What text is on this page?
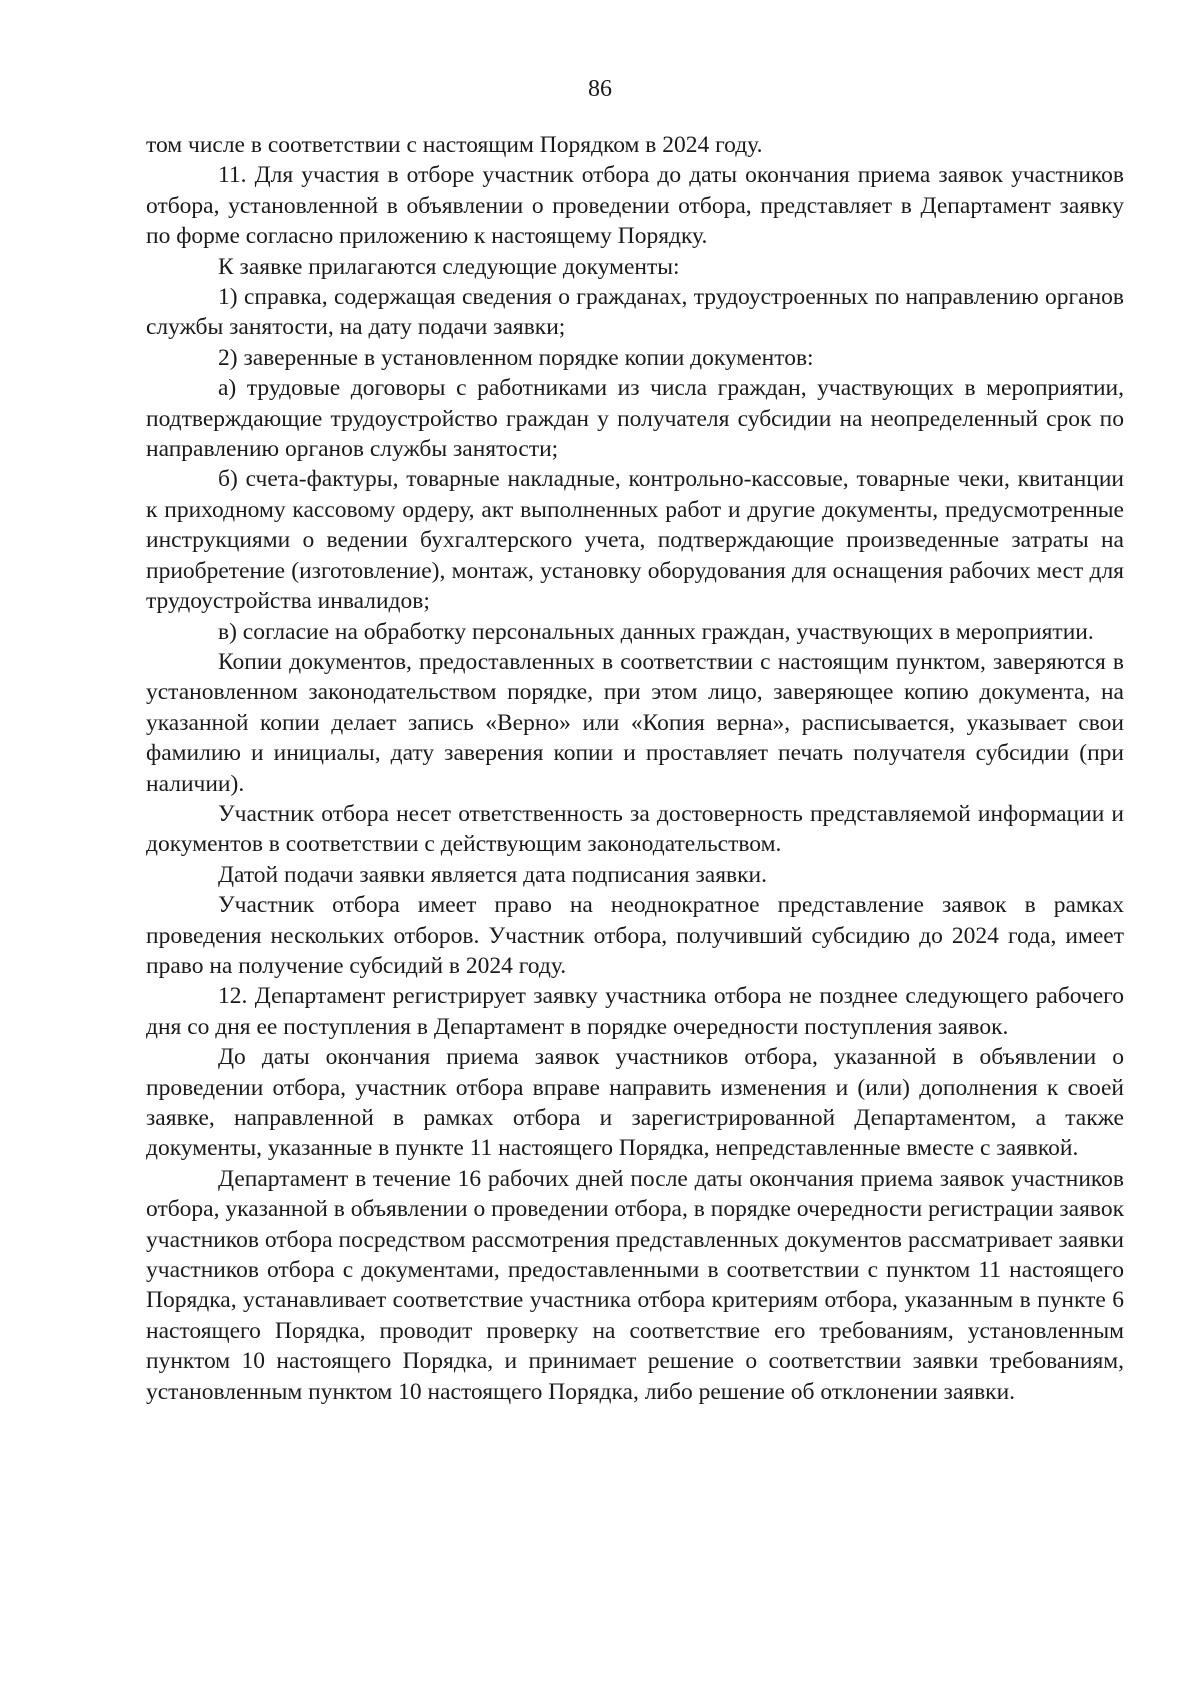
86

том числе в соответствии с настоящим Порядком в 2024 году.

11. Для участия в отборе участник отбора до даты окончания приема заявок участников отбора, установленной в объявлении о проведении отбора, представляет в Департамент заявку по форме согласно приложению к настоящему Порядку.

К заявке прилагаются следующие документы:

1) справка, содержащая сведения о гражданах, трудоустроенных по направлению органов службы занятости, на дату подачи заявки;

2) заверенные в установленном порядке копии документов:

а) трудовые договоры с работниками из числа граждан, участвующих в мероприятии, подтверждающие трудоустройство граждан у получателя субсидии на неопределенный срок по направлению органов службы занятости;

б) счета-фактуры, товарные накладные, контрольно-кассовые, товарные чеки, квитанции к приходному кассовому ордеру, акт выполненных работ и другие документы, предусмотренные инструкциями о ведении бухгалтерского учета, подтверждающие произведенные затраты на приобретение (изготовление), монтаж, установку оборудования для оснащения рабочих мест для трудоустройства инвалидов;

в) согласие на обработку персональных данных граждан, участвующих в мероприятии.

Копии документов, предоставленных в соответствии с настоящим пунктом, заверяются в установленном законодательством порядке, при этом лицо, заверяющее копию документа, на указанной копии делает запись «Верно» или «Копия верна», расписывается, указывает свои фамилию и инициалы, дату заверения копии и проставляет печать получателя субсидии (при наличии).

Участник отбора несет ответственность за достоверность представляемой информации и документов в соответствии с действующим законодательством.

Датой подачи заявки является дата подписания заявки.

Участник отбора имеет право на неоднократное представление заявок в рамках проведения нескольких отборов. Участник отбора, получивший субсидию до 2024 года, имеет право на получение субсидий в 2024 году.

12. Департамент регистрирует заявку участника отбора не позднее следующего рабочего дня со дня ее поступления в Департамент в порядке очередности поступления заявок.

До даты окончания приема заявок участников отбора, указанной в объявлении о проведении отбора, участник отбора вправе направить изменения и (или) дополнения к своей заявке, направленной в рамках отбора и зарегистрированной Департаментом, а также документы, указанные в пункте 11 настоящего Порядка, непредставленные вместе с заявкой.

Департамент в течение 16 рабочих дней после даты окончания приема заявок участников отбора, указанной в объявлении о проведении отбора, в порядке очередности регистрации заявок участников отбора посредством рассмотрения представленных документов рассматривает заявки участников отбора с документами, предоставленными в соответствии с пунктом 11 настоящего Порядка, устанавливает соответствие участника отбора критериям отбора, указанным в пункте 6 настоящего Порядка, проводит проверку на соответствие его требованиям, установленным пунктом 10 настоящего Порядка, и принимает решение о соответствии заявки требованиям, установленным пунктом 10 настоящего Порядка, либо решение об отклонении заявки.
